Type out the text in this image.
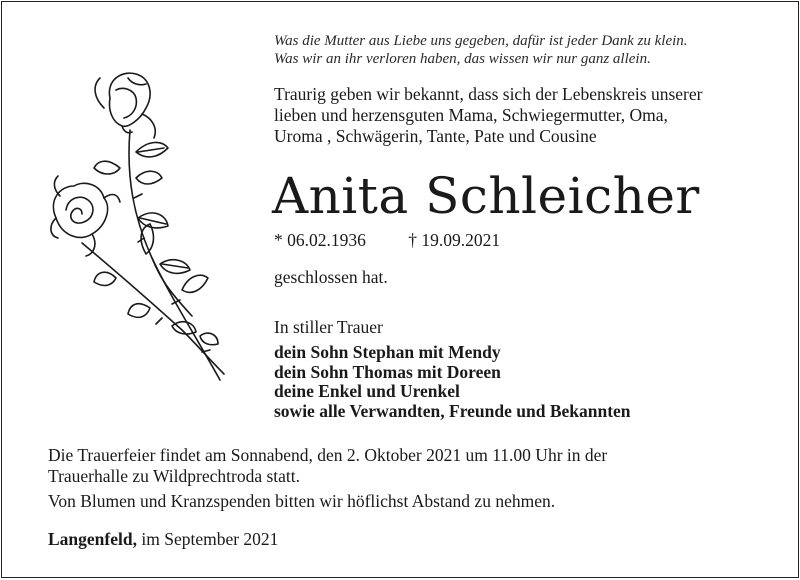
Was die Mutter aus Liebe uns gegeben, dafür ist jeder Dank zu klein.
Was wir an ihr verloren haben, das wissen wir nur ganz allein.
Traurig geben wir bekannt, dass sich der Lebenskreis unserer
lieben und herzensguten Mama, Schwiegermutter, Oma,
Uroma , Schwägerin, Tante, Pate und Cousine
Anita Schleicher
* 06.02.1936 † 19.09.2021
geschlossen hat.
In stiller Trauer
dein Sohn Stephan mit Mendy
dein Sohn Thomas mit Doreen
deine Enkel und Urenkel
sowie alle Verwandten, Freunde und Bekannten
Die Trauerfeier findet am Sonnabend, den 2. Oktober 2021 um 11.00 Uhr in der
Trauerhalle zu Wildprechtroda statt.
Von Blumen und Kranzspenden bitten wir höflichst Abstand zu nehmen.
Langenfeld, im September 2021
